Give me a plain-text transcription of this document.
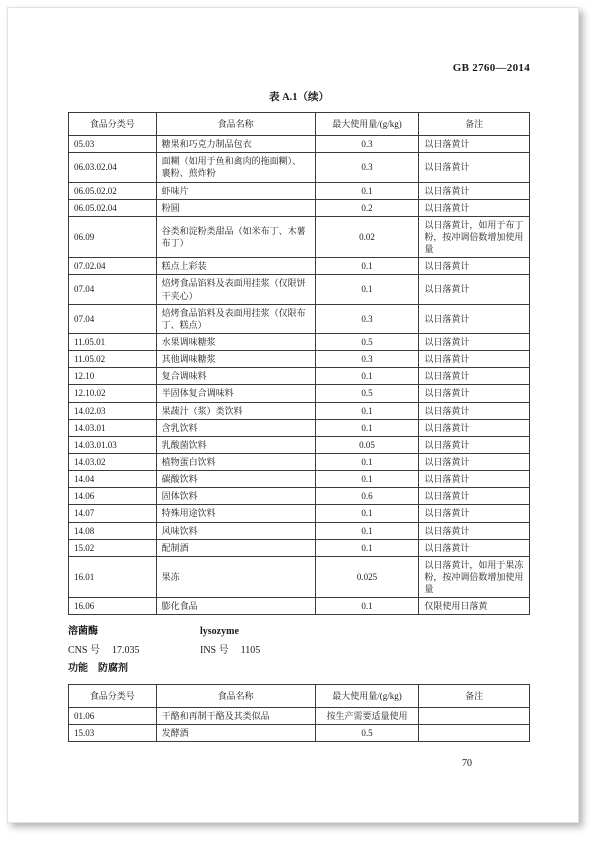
GB 2760—2014
表 A.1（续）
食品分类号	食品名称	最大使用量/(g/kg)	备注
05.03	糖果和巧克力制品包衣	0.3	以日落黄计
06.03.02.04	面糊（如用于鱼和禽肉的拖面糊）、裹粉、煎炸粉	0.3	以日落黄计
06.05.02.02	虾味片	0.1	以日落黄计
06.05.02.04	粉圆	0.2	以日落黄计
06.09	谷类和淀粉类甜品（如米布丁、木薯布丁）	0.02	以日落黄计，如用于布丁粉，按冲调倍数增加使用量
07.02.04	糕点上彩装	0.1	以日落黄计
07.04	焙烤食品馅料及表面用挂浆（仅限饼干夹心）	0.1	以日落黄计
07.04	焙烤食品馅料及表面用挂浆（仅限布丁、糕点）	0.3	以日落黄计
11.05.01	水果调味糖浆	0.5	以日落黄计
11.05.02	其他调味糖浆	0.3	以日落黄计
12.10	复合调味料	0.1	以日落黄计
12.10.02	半固体复合调味料	0.5	以日落黄计
14.02.03	果蔬汁（浆）类饮料	0.1	以日落黄计
14.03.01	含乳饮料	0.1	以日落黄计
14.03.01.03	乳酸菌饮料	0.05	以日落黄计
14.03.02	植物蛋白饮料	0.1	以日落黄计
14.04	碳酸饮料	0.1	以日落黄计
14.06	固体饮料	0.6	以日落黄计
14.07	特殊用途饮料	0.1	以日落黄计
14.08	风味饮料	0.1	以日落黄计
15.02	配制酒	0.1	以日落黄计
16.01	果冻	0.025	以日落黄计，如用于果冻粉，按冲调倍数增加使用量
16.06	膨化食品	0.1	仅限使用日落黄
溶菌酶	lysozyme
CNS 号 17.035	INS 号 1105
功能 防腐剂
食品分类号	食品名称	最大使用量/(g/kg)	备注
01.06	干酪和再制干酪及其类似品	按生产需要适量使用	
15.03	发酵酒	0.5	
70
